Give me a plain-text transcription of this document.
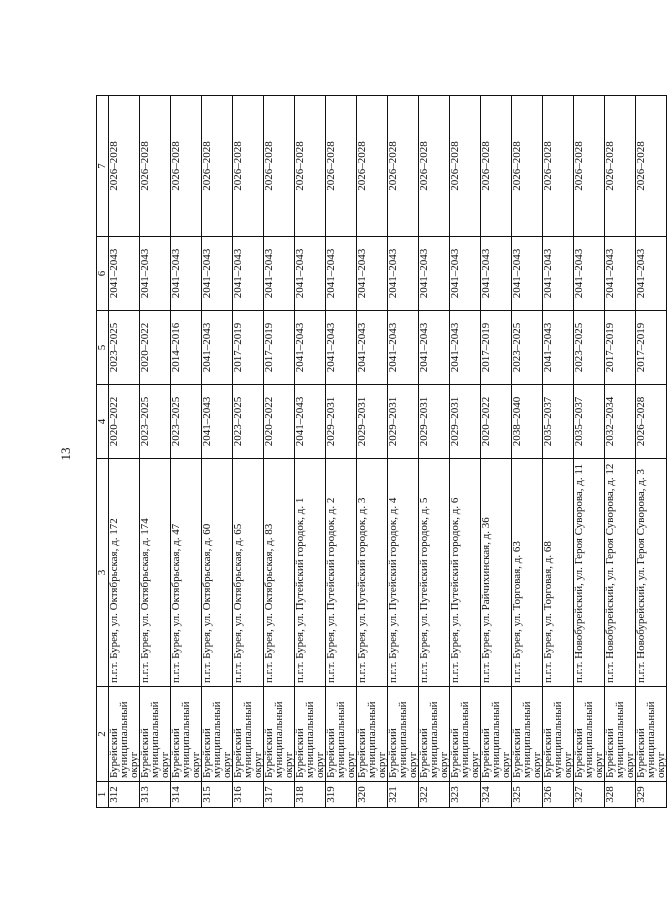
13
1	2	3	4	5	6	7
312	Бурейский муниципальный округ	п.г.т. Бурея, ул. Октябрьская, д. 172	2020–2022	2023–2025	2041–2043	2026–2028
313	Бурейский муниципальный округ	п.г.т. Бурея, ул. Октябрьская, д. 174	2023–2025	2020–2022	2041–2043	2026–2028
314	Бурейский муниципальный округ	п.г.т. Бурея, ул. Октябрьская, д. 47	2023–2025	2014–2016	2041–2043	2026–2028
315	Бурейский муниципальный округ	п.г.т. Бурея, ул. Октябрьская, д. 60	2041–2043	2041–2043	2041–2043	2026–2028
316	Бурейский муниципальный округ	п.г.т. Бурея, ул. Октябрьская, д. 65	2023–2025	2017–2019	2041–2043	2026–2028
317	Бурейский муниципальный округ	п.г.т. Бурея, ул. Октябрьская, д. 83	2020–2022	2017–2019	2041–2043	2026–2028
318	Бурейский муниципальный округ	п.г.т. Бурея, ул. Путейский городок, д. 1	2041–2043	2041–2043	2041–2043	2026–2028
319	Бурейский муниципальный округ	п.г.т. Бурея, ул. Путейский городок, д. 2	2029–2031	2041–2043	2041–2043	2026–2028
320	Бурейский муниципальный округ	п.г.т. Бурея, ул. Путейский городок, д. 3	2029–2031	2041–2043	2041–2043	2026–2028
321	Бурейский муниципальный округ	п.г.т. Бурея, ул. Путейский городок, д. 4	2029–2031	2041–2043	2041–2043	2026–2028
322	Бурейский муниципальный округ	п.г.т. Бурея, ул. Путейский городок, д. 5	2029–2031	2041–2043	2041–2043	2026–2028
323	Бурейский муниципальный округ	п.г.т. Бурея, ул. Путейский городок, д. 6	2029–2031	2041–2043	2041–2043	2026–2028
324	Бурейский муниципальный округ	п.г.т. Бурея, ул. Райчихинская, д. 36	2020–2022	2017–2019	2041–2043	2026–2028
325	Бурейский муниципальный округ	п.г.т. Бурея, ул. Торговая, д. 63	2038–2040	2023–2025	2041–2043	2026–2028
326	Бурейский муниципальный округ	п.г.т. Бурея, ул. Торговая, д. 68	2035–2037	2041–2043	2041–2043	2026–2028
327	Бурейский муниципальный округ	п.г.т. Новобурейский, ул. Героя Суворова, д. 11	2035–2037	2023–2025	2041–2043	2026–2028
328	Бурейский муниципальный округ	п.г.т. Новобурейский, ул. Героя Суворова, д. 12	2032–2034	2017–2019	2041–2043	2026–2028
329	Бурейский муниципальный округ	п.г.т. Новобурейский, ул. Героя Суворова, д. 3	2026–2028	2017–2019	2041–2043	2026–2028
